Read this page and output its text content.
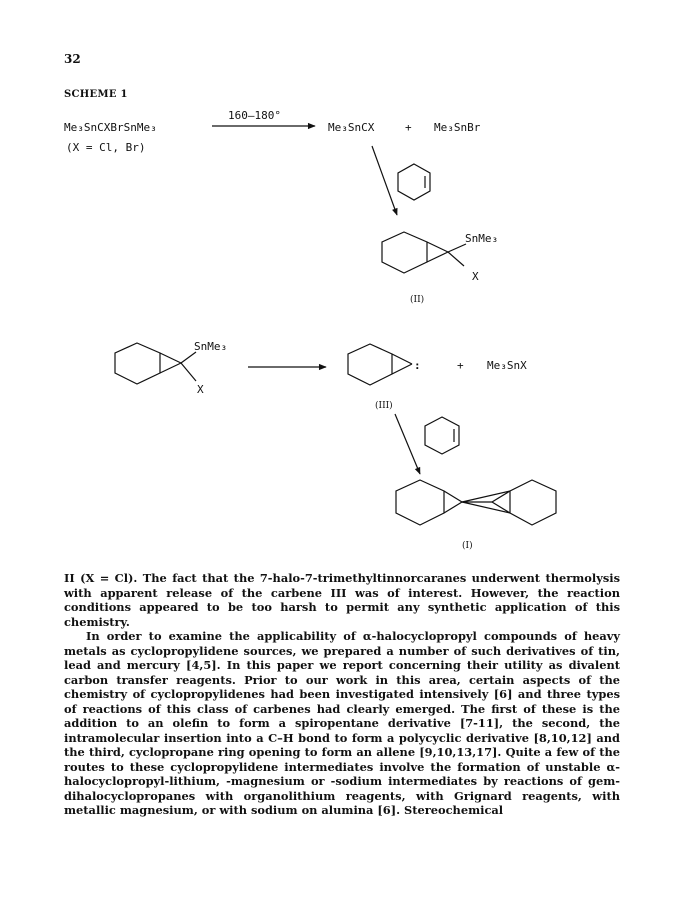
32
SCHEME 1
Me₃SnCXBrSnMe₃
(X = Cl, Br)
160–180°
Me₃SnCX	+ Me₃SnBr
SnMe₃
X
(II)
SnMe₃
X
:	+ Me₃SnX
(III)
(I)

II (X = Cl). The fact that the 7-halo-7-trimethyltinnorcaranes underwent thermolysis with apparent release of the carbene III was of interest. However, the reaction conditions appeared to be too harsh to permit any synthetic application of this chemistry.

In order to examine the applicability of α-halocyclopropyl compounds of heavy metals as cyclopropylidene sources, we prepared a number of such derivatives of tin, lead and mercury [4,5]. In this paper we report concerning their utility as divalent carbon transfer reagents. Prior to our work in this area, certain aspects of the chemistry of cyclopropylidenes had been investigated intensively [6] and three types of reactions of this class of carbenes had clearly emerged. The first of these is the addition to an olefin to form a spiropentane derivative [7-11], the second, the intramolecular insertion into a C–H bond to form a polycyclic derivative [8,10,12] and the third, cyclopropane ring opening to form an allene [9,10,13,17]. Quite a few of the routes to these cyclopropylidene intermediates involve the formation of unstable α-halocyclopropyl-lithium, -magnesium or -sodium intermediates by reactions of gem-dihalocyclopropanes with organolithium reagents, with Grignard reagents, with metallic magnesium, or with sodium on alumina [6]. Stereochemical
